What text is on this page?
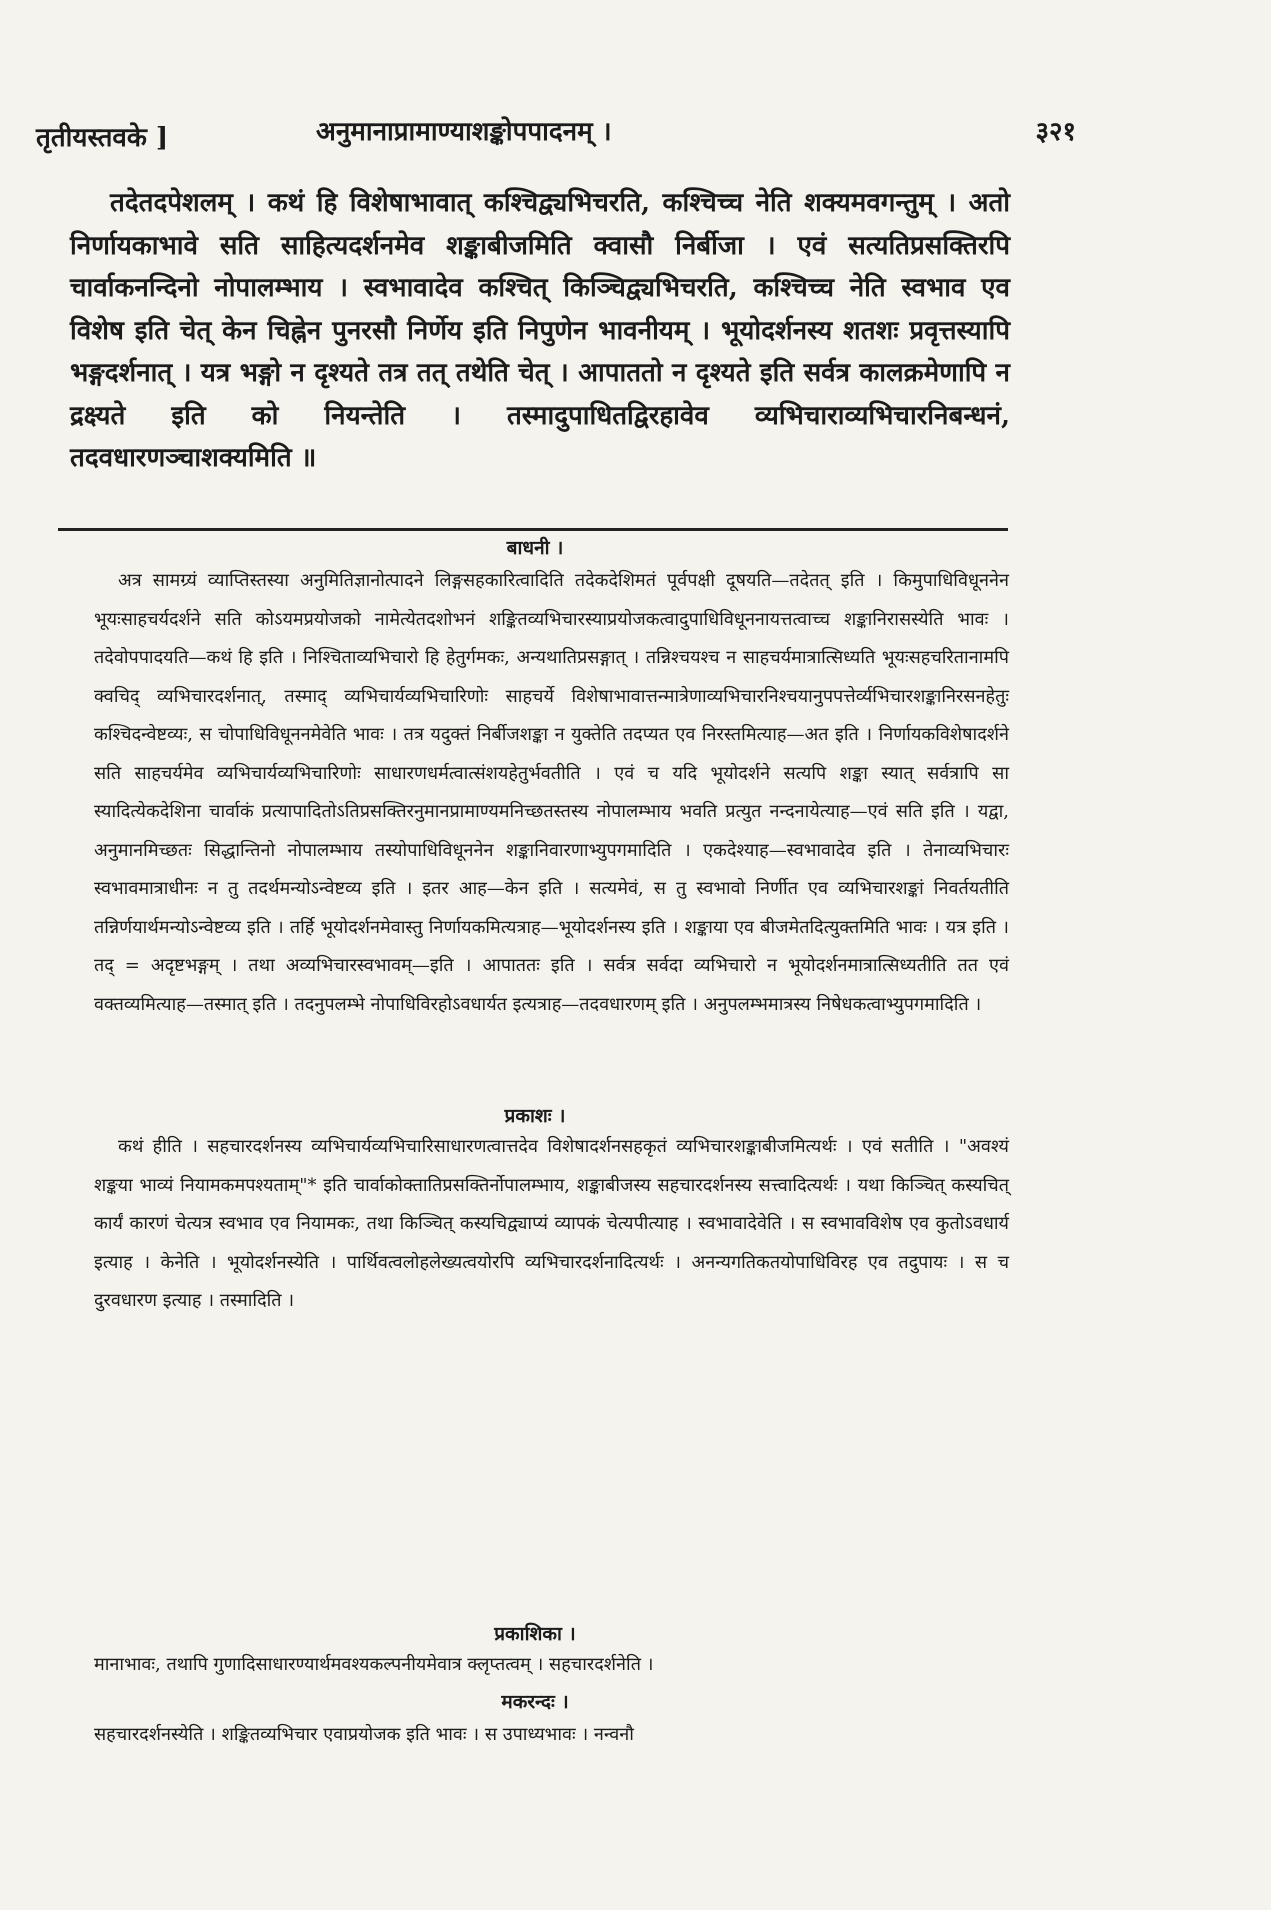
तृतीयस्तवके ]	अनुमानाप्रामाण्याशङ्कोपपादनम् ।	३२१

तदेतदपेशलम् । कथं हि विशेषाभावात् कश्चिद्व्यभिचरति, कश्चिच्च नेति शक्यमवगन्तुम् । अतो निर्णायकाभावे सति साहित्यदर्शनमेव शङ्काबीजमिति क्वासौ निर्बीजा । एवं सत्यतिप्रसक्तिरपि चार्वाकनन्दिनो नोपालम्भाय । स्वभावादेव कश्चित् किञ्चिद्व्यभिचरति, कश्चिच्च नेति स्वभाव एव विशेष इति चेत् केन चिह्नेन पुनरसौ निर्णेय इति निपुणेन भावनीयम् । भूयोदर्शनस्य शतशः प्रवृत्तस्यापि भङ्गदर्शनात् । यत्र भङ्गो न दृश्यते तत्र तत् तथेति चेत् । आपाततो न दृश्यते इति सर्वत्र कालक्रमेणापि न द्रक्ष्यते इति को नियन्तेति । तस्मादुपाधितद्विरहावेव व्यभिचाराव्यभिचारनिबन्धनं, तदवधारणञ्चाशक्यमिति ॥

बाधनी ।

अत्र सामग्र्यं व्याप्तिस्तस्या अनुमितिज्ञानोत्पादने लिङ्गसहकारित्वादिति तदेकदेशिमतं पूर्वपक्षी दूषयति—तदेतत् इति । किमुपाधिविधूननेन भूयःसाहचर्यदर्शने सति कोऽयमप्रयोजको नामेत्येतदशोभनं शङ्कितव्यभिचारस्याप्रयोजकत्वादुपाधिविधूननायत्तत्वाच्च शङ्कानिरासस्येति भावः । तदेवोपपादयति—कथं हि इति । निश्चिताव्यभिचारो हि हेतुर्गमकः, अन्यथातिप्रसङ्गात् । तन्निश्चयश्च न साहचर्यमात्रात्सिध्यति भूयःसहचरितानामपि क्वचिद् व्यभिचारदर्शनात्, तस्माद् व्यभिचार्यव्यभिचारिणोः साहचर्ये विशेषाभावात्तन्मात्रेणाव्यभिचारनिश्चयानुपपत्तेर्व्यभिचारशङ्कानिरसनहेतुः कश्चिदन्वेष्टव्यः, स चोपाधिविधूननमेवेति भावः । तत्र यदुक्तं निर्बीजशङ्का न युक्तेति तदप्यत एव निरस्तमित्याह—अत इति । निर्णायकविशेषादर्शने सति साहचर्यमेव व्यभिचार्यव्यभिचारिणोः साधारणधर्मत्वात्संशयहेतुर्भवतीति । एवं च यदि भूयोदर्शने सत्यपि शङ्का स्यात् सर्वत्रापि सा स्यादित्येकदेशिना चार्वाकं प्रत्यापादितोऽतिप्रसक्तिरनुमानप्रामाण्यमनिच्छतस्तस्य नोपालम्भाय भवति प्रत्युत नन्दनायेत्याह—एवं सति इति । यद्वा, अनुमानमिच्छतः सिद्धान्तिनो नोपालम्भाय तस्योपाधिविधूननेन शङ्कानिवारणाभ्युपगमादिति । एकदेश्याह—स्वभावादेव इति । तेनाव्यभिचारः स्वभावमात्राधीनः न तु तदर्थमन्योऽन्वेष्टव्य इति । इतर आह—केन इति । सत्यमेवं, स तु स्वभावो निर्णीत एव व्यभिचारशङ्कां निवर्तयतीति तन्निर्णयार्थमन्योऽन्वेष्टव्य इति । तर्हि भूयोदर्शनमेवास्तु निर्णायकमित्यत्राह—भूयोदर्शनस्य इति । शङ्काया एव बीजमेतदित्युक्तमिति भावः । यत्र इति । तद् = अदृष्टभङ्गम् । तथा अव्यभिचारस्वभावम्—इति । आपाततः इति । सर्वत्र सर्वदा व्यभिचारो न भूयोदर्शनमात्रात्सिध्यतीति तत एवं वक्तव्यमित्याह—तस्मात् इति । तदनुपलम्भे नोपाधिविरहोऽवधार्यत इत्यत्राह—तदवधारणम् इति । अनुपलम्भमात्रस्य निषेधकत्वाभ्युपगमादिति ।

प्रकाशः ।

कथं हीति । सहचारदर्शनस्य व्यभिचार्यव्यभिचारिसाधारणत्वात्तदेव विशेषादर्शनसहकृतं व्यभिचारशङ्काबीजमित्यर्थः । एवं सतीति । "अवश्यं शङ्कया भाव्यं नियामकमपश्यताम्"* इति चार्वाकोक्तातिप्रसक्तिर्नोपालम्भाय, शङ्काबीजस्य सहचारदर्शनस्य सत्त्वादित्यर्थः । यथा किञ्चित् कस्यचित् कार्यं कारणं चेत्यत्र स्वभाव एव नियामकः, तथा किञ्चित् कस्यचिद्व्याप्यं व्यापकं चेत्यपीत्याह । स्वभावादेवेति । स स्वभावविशेष एव कुतोऽवधार्य इत्याह । केनेति । भूयोदर्शनस्येति । पार्थिवत्वलोहलेख्यत्वयोरपि व्यभिचारदर्शनादित्यर्थः । अनन्यगतिकतयोपाधिविरह एव तदुपायः । स च दुरवधारण इत्याह । तस्मादिति ।

प्रकाशिका ।

मानाभावः, तथापि गुणादिसाधारण्यार्थमवश्यकल्पनीयमेवात्र क्लृप्तत्वम् । सहचारदर्शनेति ।

मकरन्दः ।

सहचारदर्शनस्येति । शङ्कितव्यभिचार एवाप्रयोजक इति भावः । स उपाध्यभावः । नन्वनौ
